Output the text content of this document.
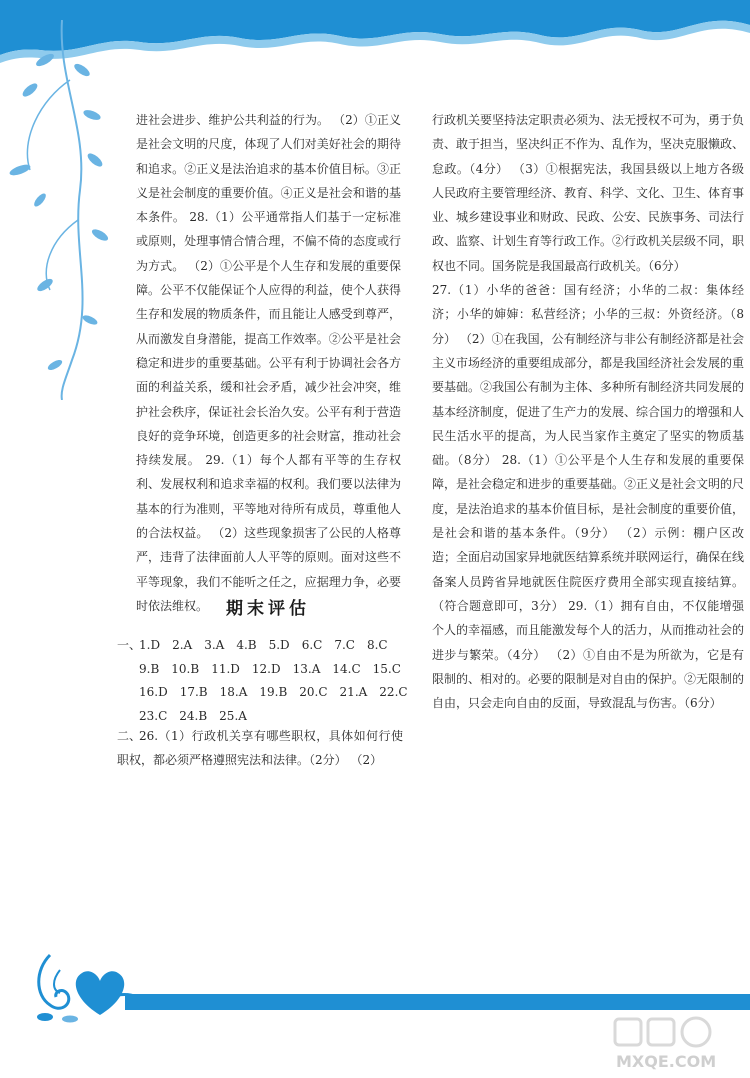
进社会进步、维护公共利益的行为。 （2）①正义是社会文明的尺度，体现了人们对美好社会的期待和追求。②正义是法治追求的基本价值目标。③正义是社会制度的重要价值。④正义是社会和谐的基本条件。 28.（1）公平通常指人们基于一定标准或原则，处理事情合情合理，不偏不倚的态度或行为方式。 （2）①公平是个人生存和发展的重要保障。公平不仅能保证个人应得的利益，使个人获得生存和发展的物质条件，而且能让人感受到尊严，从而激发自身潜能，提高工作效率。②公平是社会稳定和进步的重要基础。公平有利于协调社会各方面的利益关系，缓和社会矛盾，减少社会冲突，维护社会秩序，保证社会长治久安。公平有利于营造良好的竞争环境，创造更多的社会财富，推动社会持续发展。 29.（1）每个人都有平等的生存权利、发展权利和追求幸福的权利。我们要以法律为基本的行为准则，平等地对待所有成员，尊重他人的合法权益。 （2）这些现象损害了公民的人格尊严，违背了法律面前人人平等的原则。面对这些不平等现象，我们不能听之任之，应据理力争，必要时依法维权。	期末评估
一、
1.D 2.A 3.A 4.B 5.D 6.C 7.C 8.C
9.B 10.B 11.D 12.D 13.A 14.C 15.C
16.D 17.B 18.A 19.B 20.C 21.A 22.C
23.C 24.B 25.A
二、26.（1）行政机关享有哪些职权，具体如何行使职权，都必须严格遵照宪法和法律。（2分） （2）

行政机关要坚持法定职责必须为、法无授权不可为，勇于负责、敢于担当，坚决纠正不作为、乱作为，坚决克服懒政、怠政。（4分） （3）①根据宪法，我国县级以上地方各级人民政府主要管理经济、教育、科学、文化、卫生、体育事业、城乡建设事业和财政、民政、公安、民族事务、司法行政、监察、计划生育等行政工作。②行政机关层级不同，职权也不同。国务院是我国最高行政机关。（6分）

27.（1）小华的爸爸：国有经济；小华的二叔：集体经济；小华的婶婶：私营经济；小华的三叔：外资经济。（8分） （2）①在我国，公有制经济与非公有制经济都是社会主义市场经济的重要组成部分，都是我国经济社会发展的重要基础。②我国公有制为主体、多种所有制经济共同发展的基本经济制度，促进了生产力的发展、综合国力的增强和人民生活水平的提高，为人民当家作主奠定了坚实的物质基础。（8分） 28.（1）①公平是个人生存和发展的重要保障，是社会稳定和进步的重要基础。②正义是社会文明的尺度，是法治追求的基本价值目标，是社会制度的重要价值，是社会和谐的基本条件。（9分） （2）示例：棚户区改造；全面启动国家异地就医结算系统并联网运行，确保在线备案人员跨省异地就医住院医疗费用全部实现直接结算。（符合题意即可，3分） 29.（1）拥有自由，不仅能增强个人的幸福感，而且能激发每个人的活力，从而推动社会的进步与繁荣。（4分） （2）①自由不是为所欲为，它是有限制的、相对的。必要的限制是对自由的保护。②无限制的自由，只会走向自由的反面，导致混乱与伤害。（6分）

MXQE.COM
